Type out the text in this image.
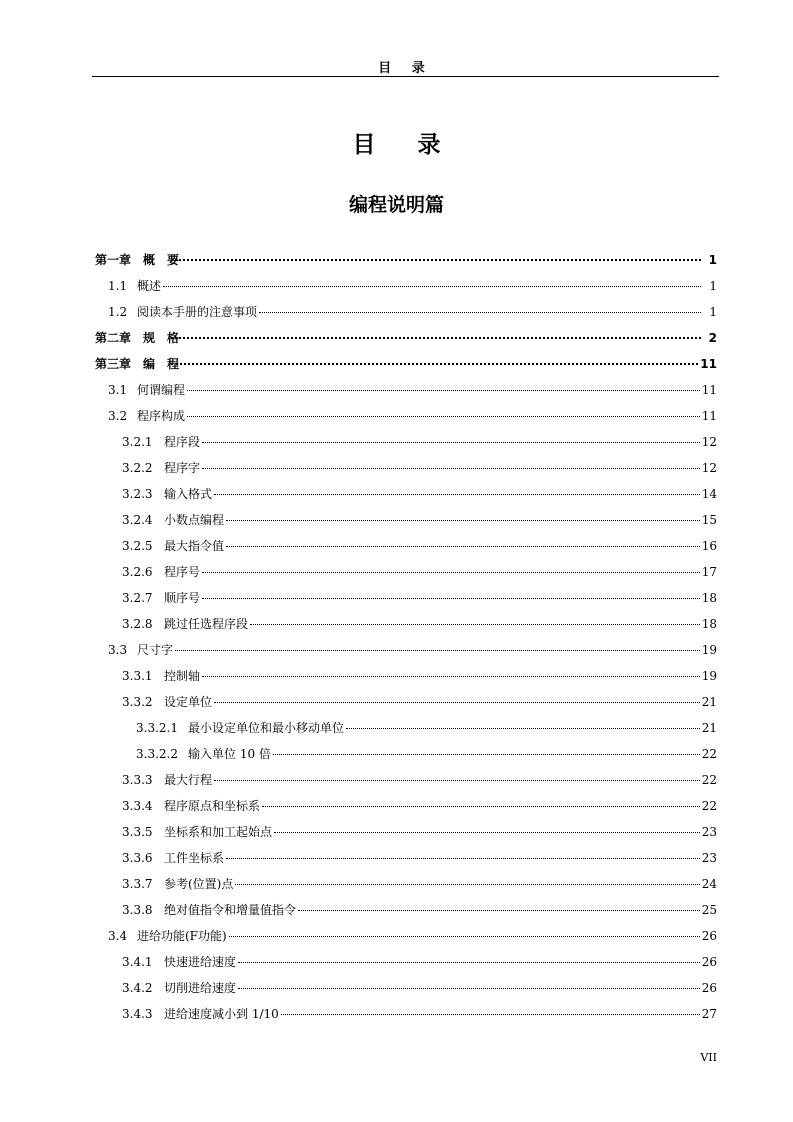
目 录
目录
编程说明篇
第一章　概　要	1
1.1 概述	1
1.2 阅读本手册的注意事项	1
第二章　规　格	2
第三章　编　程	11
3.1 何谓编程	11
3.2 程序构成	11
3.2.1 程序段	12
3.2.2 程序字	12
3.2.3 输入格式	14
3.2.4 小数点编程	15
3.2.5 最大指令值	16
3.2.6 程序号	17
3.2.7 顺序号	18
3.2.8 跳过任选程序段	18
3.3 尺寸字	19
3.3.1 控制轴	19
3.3.2 设定单位	21
3.3.2.1 最小设定单位和最小移动单位	21
3.3.2.2 输入单位 10 倍	22
3.3.3 最大行程	22
3.3.4 程序原点和坐标系	22
3.3.5 坐标系和加工起始点	23
3.3.6 工件坐标系	23
3.3.7 参考(位置)点	24
3.3.8 绝对值指令和增量值指令	25
3.4 进给功能(F功能)	26
3.4.1 快速进给速度	26
3.4.2 切削进给速度	26
3.4.3 进给速度减小到 1/10	27
VII
